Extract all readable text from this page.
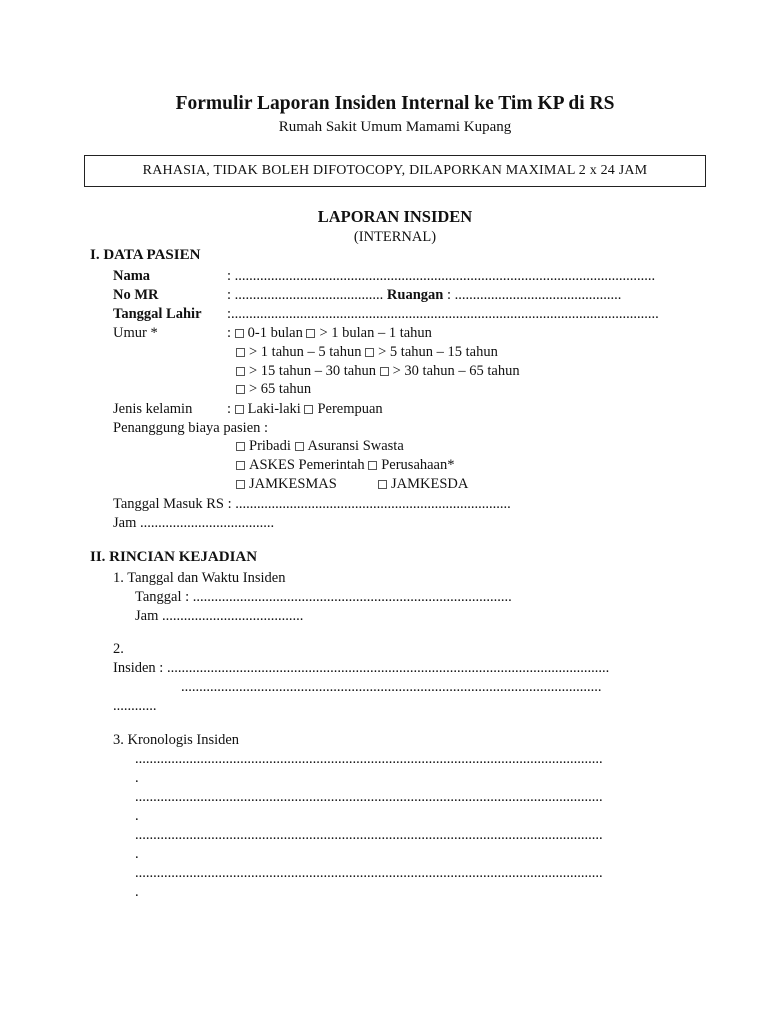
Formulir Laporan Insiden Internal ke Tim KP di RS
Rumah Sakit Umum Mamami Kupang
RAHASIA, TIDAK BOLEH DIFOTOCOPY, DILAPORKAN MAXIMAL 2 x 24 JAM
LAPORAN INSIDEN
(INTERNAL)
I. DATA PASIEN
Nama	: ....................................................................................................................
No MR	: ......................................... Ruangan : ..............................................
Tanggal Lahir :......................................................................................................................
Umur *	: 0-1 bulan > 1 bulan – 1 tahun
> 1 tahun – 5 tahun > 5 tahun – 15 tahun
> 15 tahun – 30 tahun > 30 tahun – 65 tahun
> 65 tahun
Jenis kelamin : Laki-laki Perempuan
Penanggung biaya pasien :
Pribadi Asuransi Swasta
ASKES Pemerintah Perusahaan*
JAMKESMAS	JAMKESDA
Tanggal Masuk RS : ............................................................................
Jam .....................................
II. RINCIAN KEJADIAN
1. Tanggal dan Waktu Insiden
Tanggal : ........................................................................................
Jam .......................................
2.
Insiden : ..........................................................................................................................
....................................................................................................................
............
3. Kronologis Insiden
.................................................................................................................................
.
.................................................................................................................................
.
.................................................................................................................................
.
.................................................................................................................................
.
